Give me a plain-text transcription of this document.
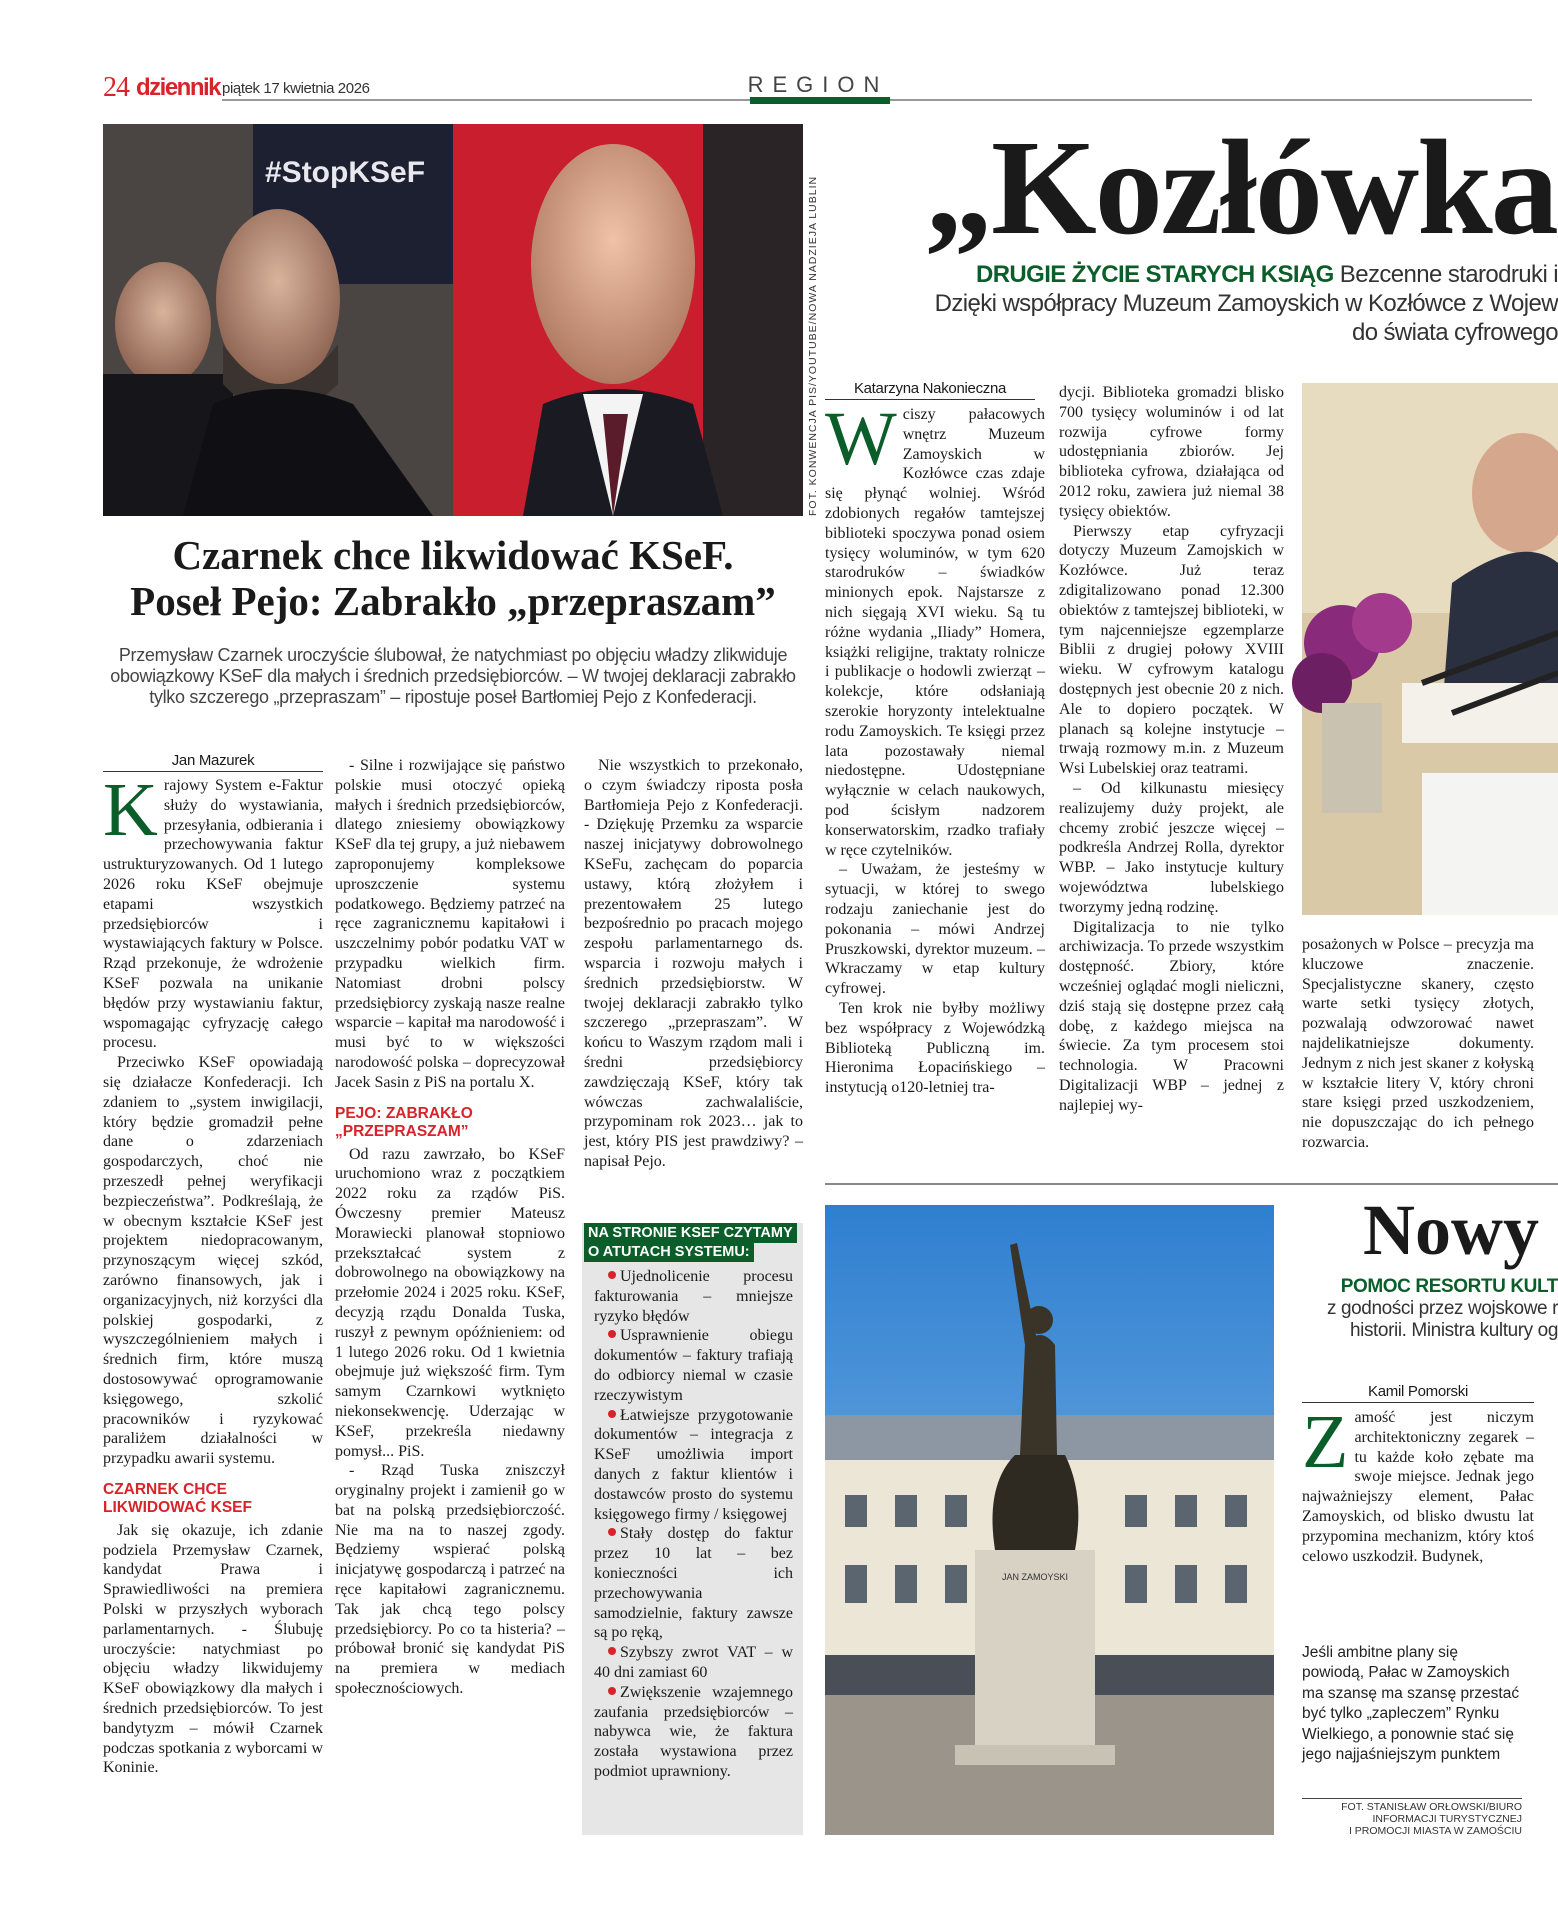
24 dziennik piątek 17 kwietnia 2026	REGION
#StopKSeF
FOT. KONWENCJA PIS/YOUTUBE/NOWA NADZIEJA LUBLIN
Czarnek chce likwidować KSeF.
Poseł Pejo: Zabrakło „przepraszam”
Przemysław Czarnek uroczyście ślubował, że natychmiast po objęciu władzy zlikwiduje obowiązkowy KSeF dla małych i średnich przedsiębiorców. – W twojej deklaracji zabrakło tylko szczerego „przepraszam” – ripostuje poseł Bartłomiej Pejo z Konfederacji.
Jan Mazurek

Krajowy System e-Faktur służy do wystawiania, przesyłania, odbierania i przechowywania faktur ustrukturyzowanych. Od 1 lutego 2026 roku KSeF obejmuje etapami wszystkich przedsiębiorców i wystawiających faktury w Polsce. Rząd przekonuje, że wdrożenie KSeF pozwala na unikanie błędów przy wystawianiu faktur, wspomagając cyfryzację całego procesu.

Przeciwko KSeF opowiadają się działacze Konfederacji. Ich zdaniem to „system inwigilacji, który będzie gromadził pełne dane o zdarzeniach gospodarczych, choć nie przeszedł pełnej weryfikacji bezpieczeństwa”. Podkreślają, że w obecnym kształcie KSeF jest projektem niedopracowanym, przynoszącym więcej szkód, zarówno finansowych, jak i organizacyjnych, niż korzyści dla polskiej gospodarki, z wyszczególnieniem małych i średnich firm, które muszą dostosowywać oprogramowanie księgowego, szkolić pracowników i ryzykować paraliżem działalności w przypadku awarii systemu.

CZARNEK CHCE LIKWIDOWAĆ KSEF

Jak się okazuje, ich zdanie podziela Przemysław Czarnek, kandydat Prawa i Sprawiedliwości na premiera Polski w przyszłych wyborach parlamentarnych. - Ślubuję uroczyście: natychmiast po objęciu władzy likwidujemy KSeF obowiązkowy dla małych i średnich przedsiębiorców. To jest bandytyzm – mówił Czarnek podczas spotkania z wyborcami w Koninie.

- Silne i rozwijające się państwo polskie musi otoczyć opieką małych i średnich przedsiębiorców, dlatego zniesiemy obowiązkowy KSeF dla tej grupy, a już niebawem zaproponujemy kompleksowe uproszczenie systemu podatkowego. Będziemy patrzeć na ręce zagranicznemu kapitałowi i uszczelnimy pobór podatku VAT w przypadku wielkich firm. Natomiast drobni polscy przedsiębiorcy zyskają nasze realne wsparcie – kapitał ma narodowość i musi być to w większości narodowość polska – doprecyzował Jacek Sasin z PiS na portalu X.

PEJO: ZABRAKŁO „PRZEPRASZAM”

Od razu zawrzało, bo KSeF uruchomiono wraz z początkiem 2022 roku za rządów PiS. Ówczesny premier Mateusz Morawiecki planował stopniowo przekształcać system z dobrowolnego na obowiązkowy na przełomie 2024 i 2025 roku. KSeF, decyzją rządu Donalda Tuska, ruszył z pewnym opóźnieniem: od 1 lutego 2026 roku. Od 1 kwietnia obejmuje już większość firm. Tym samym Czarnkowi wytknięto niekonsekwencję. Uderzając w KSeF, przekreśla niedawny pomysł... PiS.

- Rząd Tuska zniszczył oryginalny projekt i zamienił go w bat na polską przedsiębiorczość. Nie ma na to naszej zgody. Będziemy wspierać polską inicjatywę gospodarczą i patrzeć na ręce kapitałowi zagranicznemu. Tak jak chcą tego polscy przedsiębiorcy. Po co ta histeria? – próbował bronić się kandydat PiS na premiera w mediach społecznościowych.

Nie wszystkich to przekonało, o czym świadczy riposta posła Bartłomieja Pejo z Konfederacji. - Dziękuję Przemku za wsparcie naszej inicjatywy dobrowolnego KSeFu, zachęcam do poparcia ustawy, którą złożyłem i prezentowałem 25 lutego bezpośrednio po pracach mojego zespołu parlamentarnego ds. wsparcia i rozwoju małych i średnich przedsiębiorstw. W twojej deklaracji zabrakło tylko szczerego „przepraszam”. W końcu to Waszym rządom mali i średni przedsiębiorcy zawdzięczają KSeF, który tak wówczas zachwalaliście, przypominam rok 2023… jak to jest, który PIS jest prawdziwy? – napisał Pejo.

NA STRONIE KSEF CZYTAMY O ATUTACH SYSTEMU:
Ujednolicenie procesu fakturowania – mniejsze ryzyko błędów
Usprawnienie obiegu dokumentów – faktury trafiają do odbiorcy niemal w czasie rzeczywistym
Łatwiejsze przygotowanie dokumentów – integracja z KSeF umożliwia import danych z faktur klientów i dostawców prosto do systemu księgowego firmy / księgowej
Stały dostęp do faktur przez 10 lat – bez konieczności ich przechowywania samodzielnie, faktury zawsze są po ręką,
Szybszy zwrot VAT – w 40 dni zamiast 60
Zwiększenie wzajemnego zaufania przedsiębiorców – nabywca wie, że faktura została wystawiona przez podmiot uprawniony.
„Kozłówka
DRUGIE ŻYCIE STARYCH KSIĄG Bezcenne starodruki i
Dzięki współpracy Muzeum Zamoyskich w Kozłówce z Wojew
do świata cyfrowego
Katarzyna Nakonieczna

Wciszy pałacowych wnętrz Muzeum Zamoyskich w Kozłówce czas zdaje się płynąć wolniej. Wśród zdobionych regałów tamtejszej biblioteki spoczywa ponad osiem tysięcy woluminów, w tym 620 starodruków – świadków minionych epok. Najstarsze z nich sięgają XVI wieku. Są tu różne wydania „Iliady” Homera, książki religijne, traktaty rolnicze i publikacje o hodowli zwierząt – kolekcje, które odsłaniają szerokie horyzonty intelektualne rodu Zamoyskich. Te księgi przez lata pozostawały niemal niedostępne. Udostępniane wyłącznie w celach naukowych, pod ścisłym nadzorem konserwatorskim, rzadko trafiały w ręce czytelników.

– Uważam, że jesteśmy w sytuacji, w której to swego rodzaju zaniechanie jest do pokonania – mówi Andrzej Pruszkowski, dyrektor muzeum. – Wkraczamy w etap kultury cyfrowej.

Ten krok nie byłby możliwy bez współpracy z Wojewódzką Biblioteką Publiczną im. Hieronima Łopacińskiego – instytucją o120-letniej tra-

dycji. Biblioteka gromadzi blisko 700 tysięcy woluminów i od lat rozwija cyfrowe formy udostępniania zbiorów. Jej biblioteka cyfrowa, działająca od 2012 roku, zawiera już niemal 38 tysięcy obiektów.

Pierwszy etap cyfryzacji dotyczy Muzeum Zamojskich w Kozłówce. Już teraz zdigitalizowano ponad 12.300 obiektów z tamtejszej biblioteki, w tym najcenniejsze egzemplarze Biblii z drugiej połowy XVIII wieku. W cyfrowym katalogu dostępnych jest obecnie 20 z nich. Ale to dopiero początek. W planach są kolejne instytucje – trwają rozmowy m.in. z Muzeum Wsi Lubelskiej oraz teatrami.

– Od kilkunastu miesięcy realizujemy duży projekt, ale chcemy zrobić jeszcze więcej – podkreśla Andrzej Rolla, dyrektor WBP. – Jako instytucje kultury województwa lubelskiego tworzymy jedną rodzinę.

Digitalizacja to nie tylko archiwizacja. To przede wszystkim dostępność. Zbiory, które wcześniej oglądać mogli nieliczni, dziś stają się dostępne przez całą dobę, z każdego miejsca na świecie. Za tym procesem stoi technologia. W Pracowni Digitalizacji WBP – jednej z najlepiej wy-

posażonych w Polsce – precyzja ma kluczowe znaczenie. Specjalistyczne skanery, często warte setki tysięcy złotych, pozwalają odwzorować nawet najdelikatniejsze dokumenty. Jednym z nich jest skaner z kołyską w kształcie litery V, który chroni stare księgi przed uszkodzeniem, nie dopuszczając do ich pełnego rozwarcia.

JAN ZAMOYSKI
Nowy
POMOC RESORTU KULT
z godności przez wojskowe r
historii. Ministra kultury og
Kamil Pomorski

Zamość jest niczym architektoniczny zegarek – tu każde koło zębate ma swoje miejsce. Jednak jego najważniejszy element, Pałac Zamoyskich, od blisko dwustu lat przypomina mechanizm, który ktoś celowo uszkodził. Budynek,

Jeśli ambitne plany się powiodą, Pałac w Zamoyskich ma szansę ma szansę przestać być tylko „zapleczem” Rynku Wielkiego, a ponownie stać się jego najjaśniejszym punktem
FOT. STANISŁAW ORŁOWSKI/BIURO
INFORMACJI TURYSTYCZNEJ
I PROMOCJI MIASTA W ZAMOŚCIU
